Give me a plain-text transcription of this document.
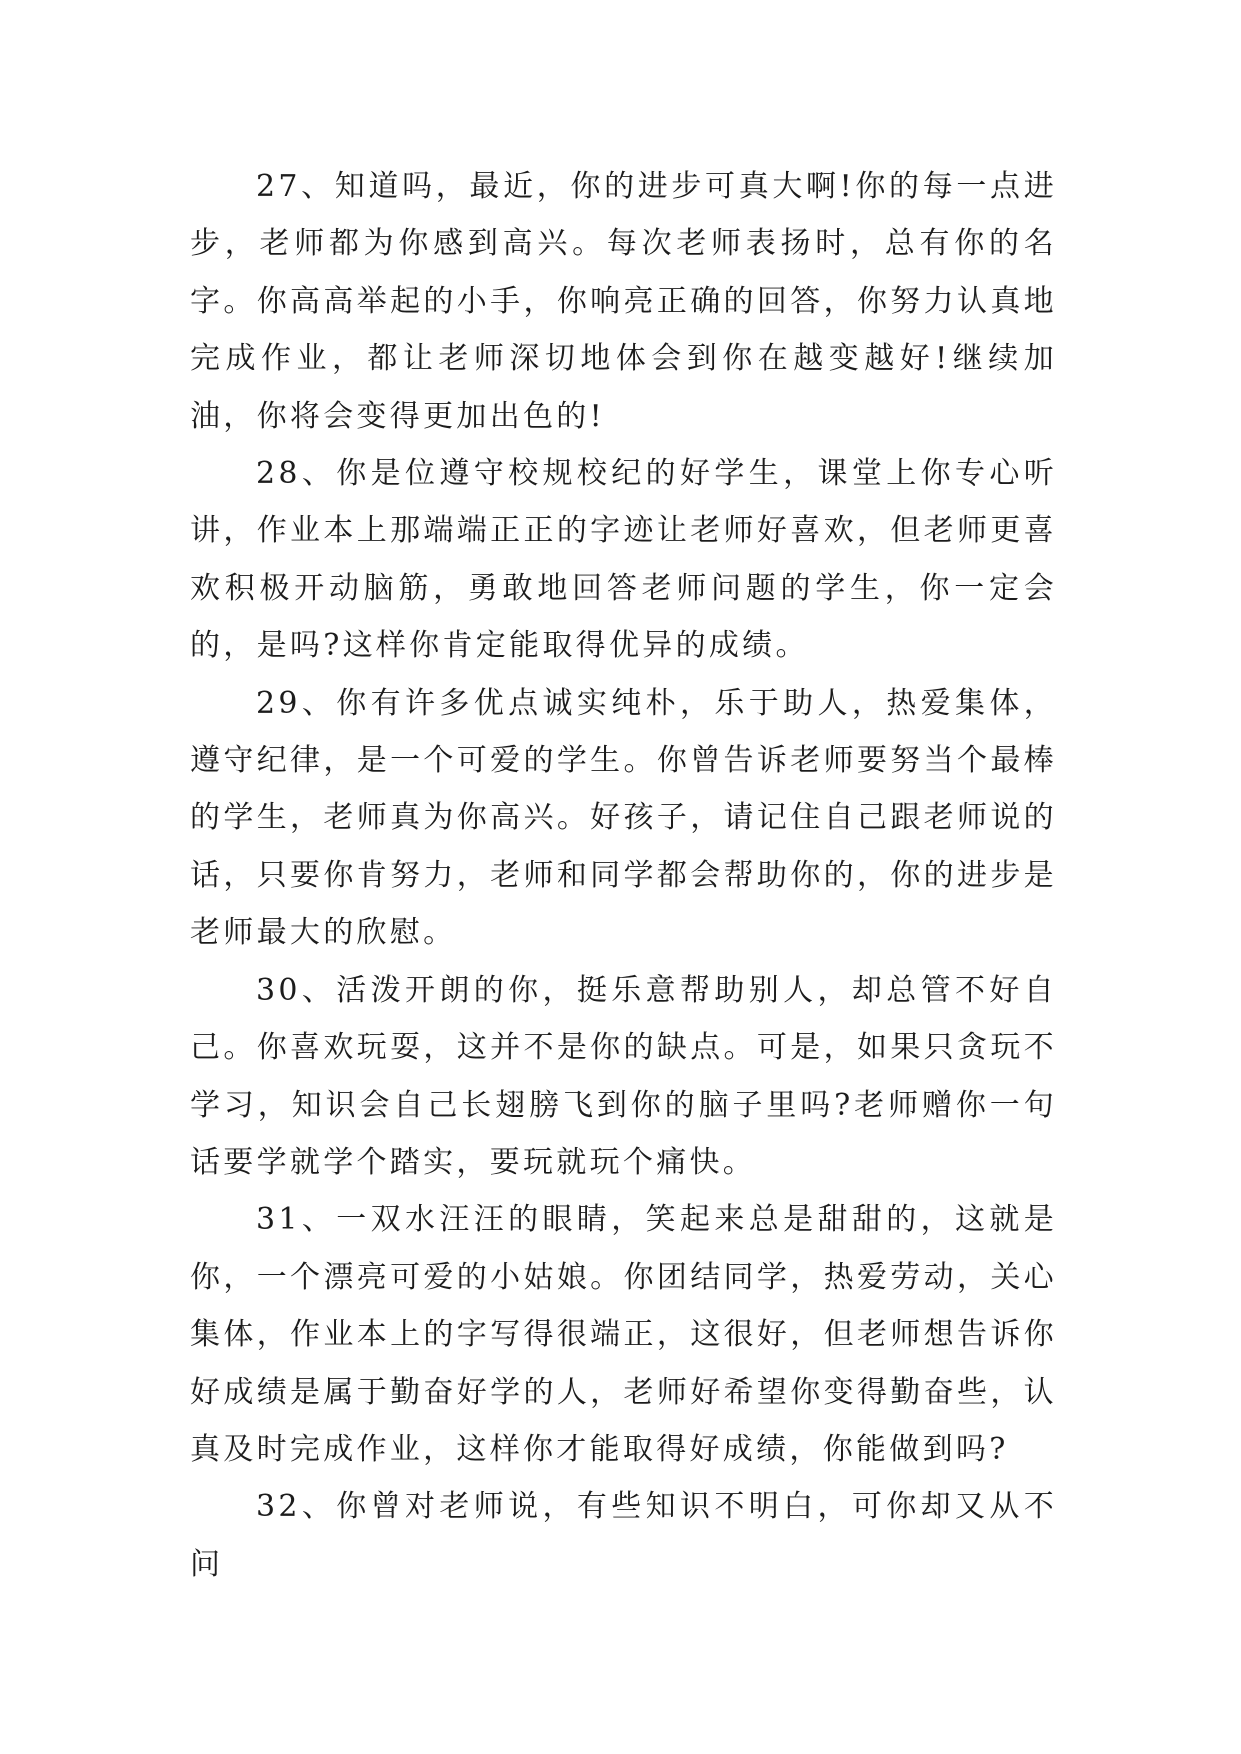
27、知道吗，最近，你的进步可真大啊!你的每一点进步，老师都为你感到高兴。每次老师表扬时，总有你的名字。你高高举起的小手，你响亮正确的回答，你努力认真地完成作业，都让老师深切地体会到你在越变越好!继续加油，你将会变得更加出色的!

28、你是位遵守校规校纪的好学生，课堂上你专心听讲，作业本上那端端正正的字迹让老师好喜欢，但老师更喜欢积极开动脑筋，勇敢地回答老师问题的学生，你一定会的，是吗?这样你肯定能取得优异的成绩。

29、你有许多优点诚实纯朴，乐于助人，热爱集体，遵守纪律，是一个可爱的学生。你曾告诉老师要努当个最棒的学生，老师真为你高兴。好孩子，请记住自己跟老师说的话，只要你肯努力，老师和同学都会帮助你的，你的进步是老师最大的欣慰。

30、活泼开朗的你，挺乐意帮助别人，却总管不好自己。你喜欢玩耍，这并不是你的缺点。可是，如果只贪玩不学习，知识会自己长翅膀飞到你的脑子里吗?老师赠你一句话要学就学个踏实，要玩就玩个痛快。

31、一双水汪汪的眼睛，笑起来总是甜甜的，这就是你，一个漂亮可爱的小姑娘。你团结同学，热爱劳动，关心集体，作业本上的字写得很端正，这很好，但老师想告诉你好成绩是属于勤奋好学的人，老师好希望你变得勤奋些，认真及时完成作业，这样你才能取得好成绩，你能做到吗?

32、你曾对老师说，有些知识不明白，可你却又从不问
